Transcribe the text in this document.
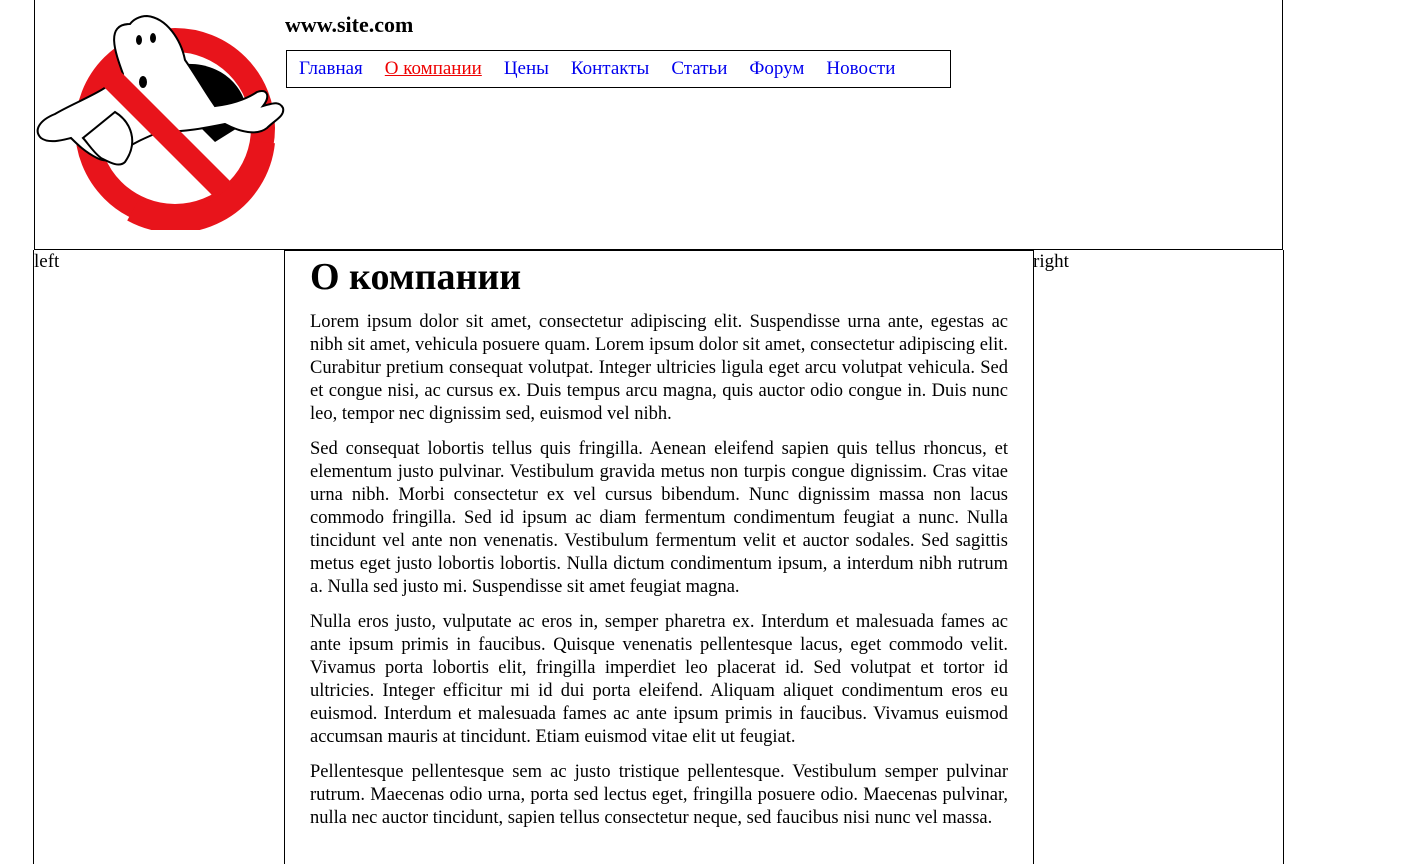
www.site.com
Главная О компании Цены Контакты Статьи Форум Новости
left	О компании

Lorem ipsum dolor sit amet, consectetur adipiscing elit. Suspendisse urna ante, egestas ac nibh sit amet, vehicula posuere quam. Lorem ipsum dolor sit amet, consectetur adipiscing elit. Curabitur pretium consequat volutpat. Integer ultricies ligula eget arcu volutpat vehicula. Sed et congue nisi, ac cursus ex. Duis tempus arcu magna, quis auctor odio congue in. Duis nunc leo, tempor nec dignissim sed, euismod vel nibh.

Sed consequat lobortis tellus quis fringilla. Aenean eleifend sapien quis tellus rhoncus, et elementum justo pulvinar. Vestibulum gravida metus non turpis congue dignissim. Cras vitae urna nibh. Morbi consectetur ex vel cursus bibendum. Nunc dignissim massa non lacus commodo fringilla. Sed id ipsum ac diam fermentum condimentum feugiat a nunc. Nulla tincidunt vel ante non venenatis. Vestibulum fermentum velit et auctor sodales. Sed sagittis metus eget justo lobortis lobortis. Nulla dictum condimentum ipsum, a interdum nibh rutrum a. Nulla sed justo mi. Suspendisse sit amet feugiat magna.

Nulla eros justo, vulputate ac eros in, semper pharetra ex. Interdum et malesuada fames ac ante ipsum primis in faucibus. Quisque venenatis pellentesque lacus, eget commodo velit. Vivamus porta lobortis elit, fringilla imperdiet leo placerat id. Sed volutpat et tortor id ultricies. Integer efficitur mi id dui porta eleifend. Aliquam aliquet condimentum eros eu euismod. Interdum et malesuada fames ac ante ipsum primis in faucibus. Vivamus euismod accumsan mauris at tincidunt. Etiam euismod vitae elit ut feugiat.

Pellentesque pellentesque sem ac justo tristique pellentesque. Vestibulum semper pulvinar rutrum. Maecenas odio urna, porta sed lectus eget, fringilla posuere odio. Maecenas pulvinar, nulla nec auctor tincidunt, sapien tellus consectetur neque, sed faucibus nisi nunc vel massa.

right
